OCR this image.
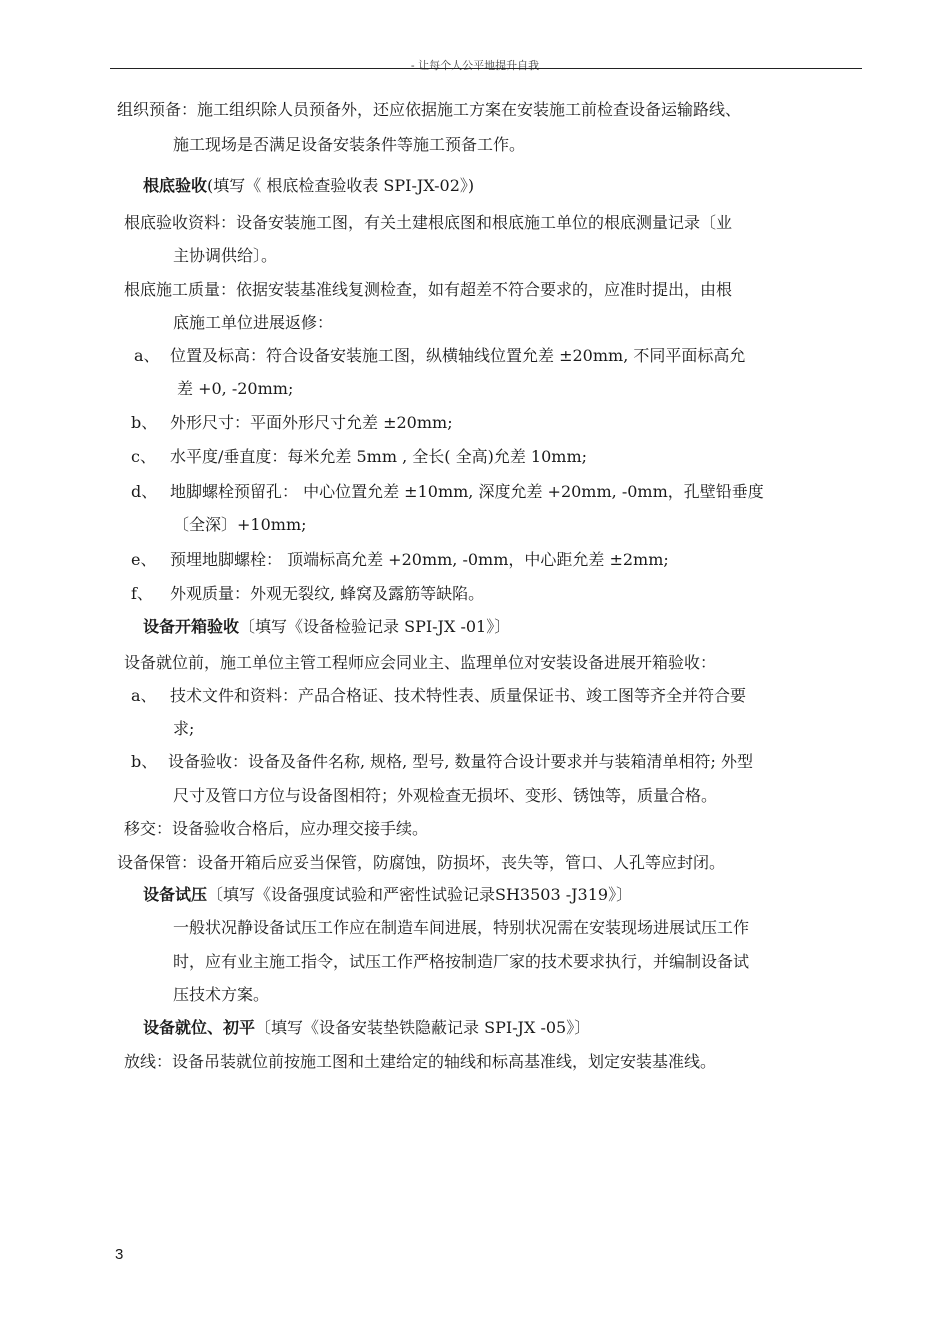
- 让每个人公平地提升自我
组织预备：施工组织除人员预备外，还应依据施工方案在安装施工前检查设备运输路线、
施工现场是否满足设备安装条件等施工预备工作。
根底验收(填写《 根底检查验收表 SPI-JX-02》)
根底验收资料：设备安装施工图，有关土建根底图和根底施工单位的根底测量记录〔业
主协调供给〕。
根底施工质量：依据安装基准线复测检查，如有超差不符合要求的，应准时提出，由根
底施工单位进展返修：
a、 位置及标高：符合设备安装施工图，纵横轴线位置允差 ±20mm, 不同平面标高允
差 +0, -20mm;
b、 外形尺寸：平面外形尺寸允差 ±20mm;
c、 水平度/垂直度：每米允差 5mm , 全长( 全高)允差 10mm;
d、 地脚螺栓预留孔： 中心位置允差 ±10mm, 深度允差 +20mm, -0mm，孔壁铅垂度
〔全深〕+10mm;
e、 预埋地脚螺栓： 顶端标高允差 +20mm, -0mm，中心距允差 ±2mm;
f、 外观质量：外观无裂纹, 蜂窝及露筋等缺陷。
设备开箱验收〔填写《设备检验记录 SPI-JX -01》〕
设备就位前，施工单位主管工程师应会同业主、监理单位对安装设备进展开箱验收：
a、 技术文件和资料：产品合格证、技术特性表、质量保证书、竣工图等齐全并符合要
求;
b、 设备验收：设备及备件名称, 规格, 型号, 数量符合设计要求并与装箱清单相符; 外型
尺寸及管口方位与设备图相符；外观检查无损坏、变形、锈蚀等，质量合格。
移交：设备验收合格后，应办理交接手续。
设备保管：设备开箱后应妥当保管，防腐蚀，防损坏，丧失等，管口、人孔等应封闭。
设备试压〔填写《设备强度试验和严密性试验记录SH3503 -J319》〕
一般状况静设备试压工作应在制造车间进展，特别状况需在安装现场进展试压工作
时，应有业主施工指令，试压工作严格按制造厂家的技术要求执行，并编制设备试
压技术方案。
设备就位、初平〔填写《设备安装垫铁隐蔽记录 SPI-JX -05》〕
放线：设备吊装就位前按施工图和土建给定的轴线和标高基准线，划定安装基准线。
3
